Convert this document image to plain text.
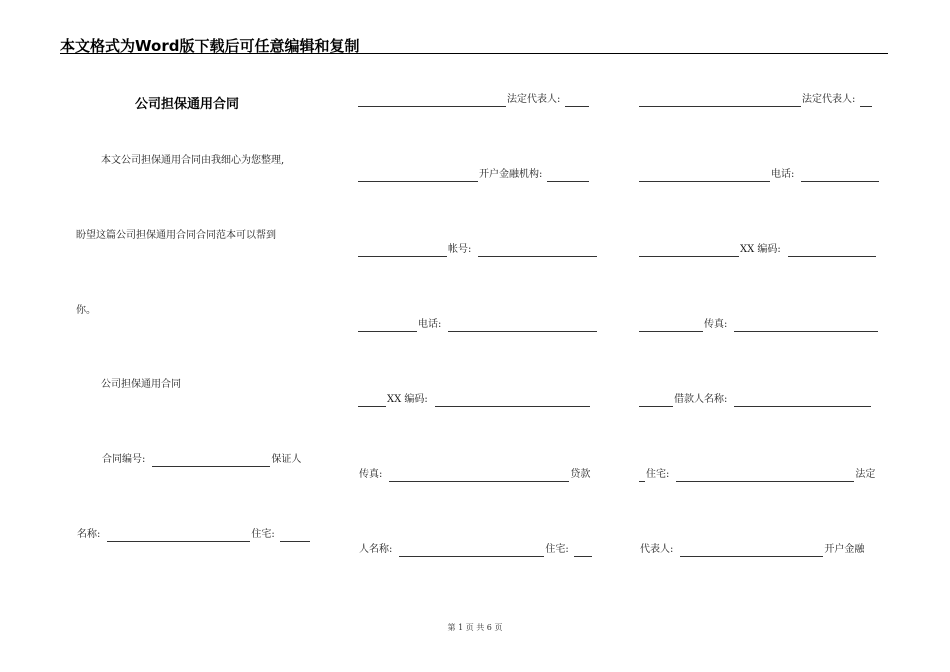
本文格式为Word版下载后可任意编辑和复制
公司担保通用合同
本文公司担保通用合同由我细心为您整理,
盼望这篇公司担保通用合同合同范本可以帮到
你。
公司担保通用合同
合同编号:	保证人
名称:	住宅:
法定代表人:
开户金融机构:
帐号:
电话:
XX 编码:
传真:	贷款
人名称:	住宅:
法定代表人:
电话:
XX 编码:
传真:
借款人名称:
住宅:	法定
代表人:	开户金融
第 1 页 共 6 页
